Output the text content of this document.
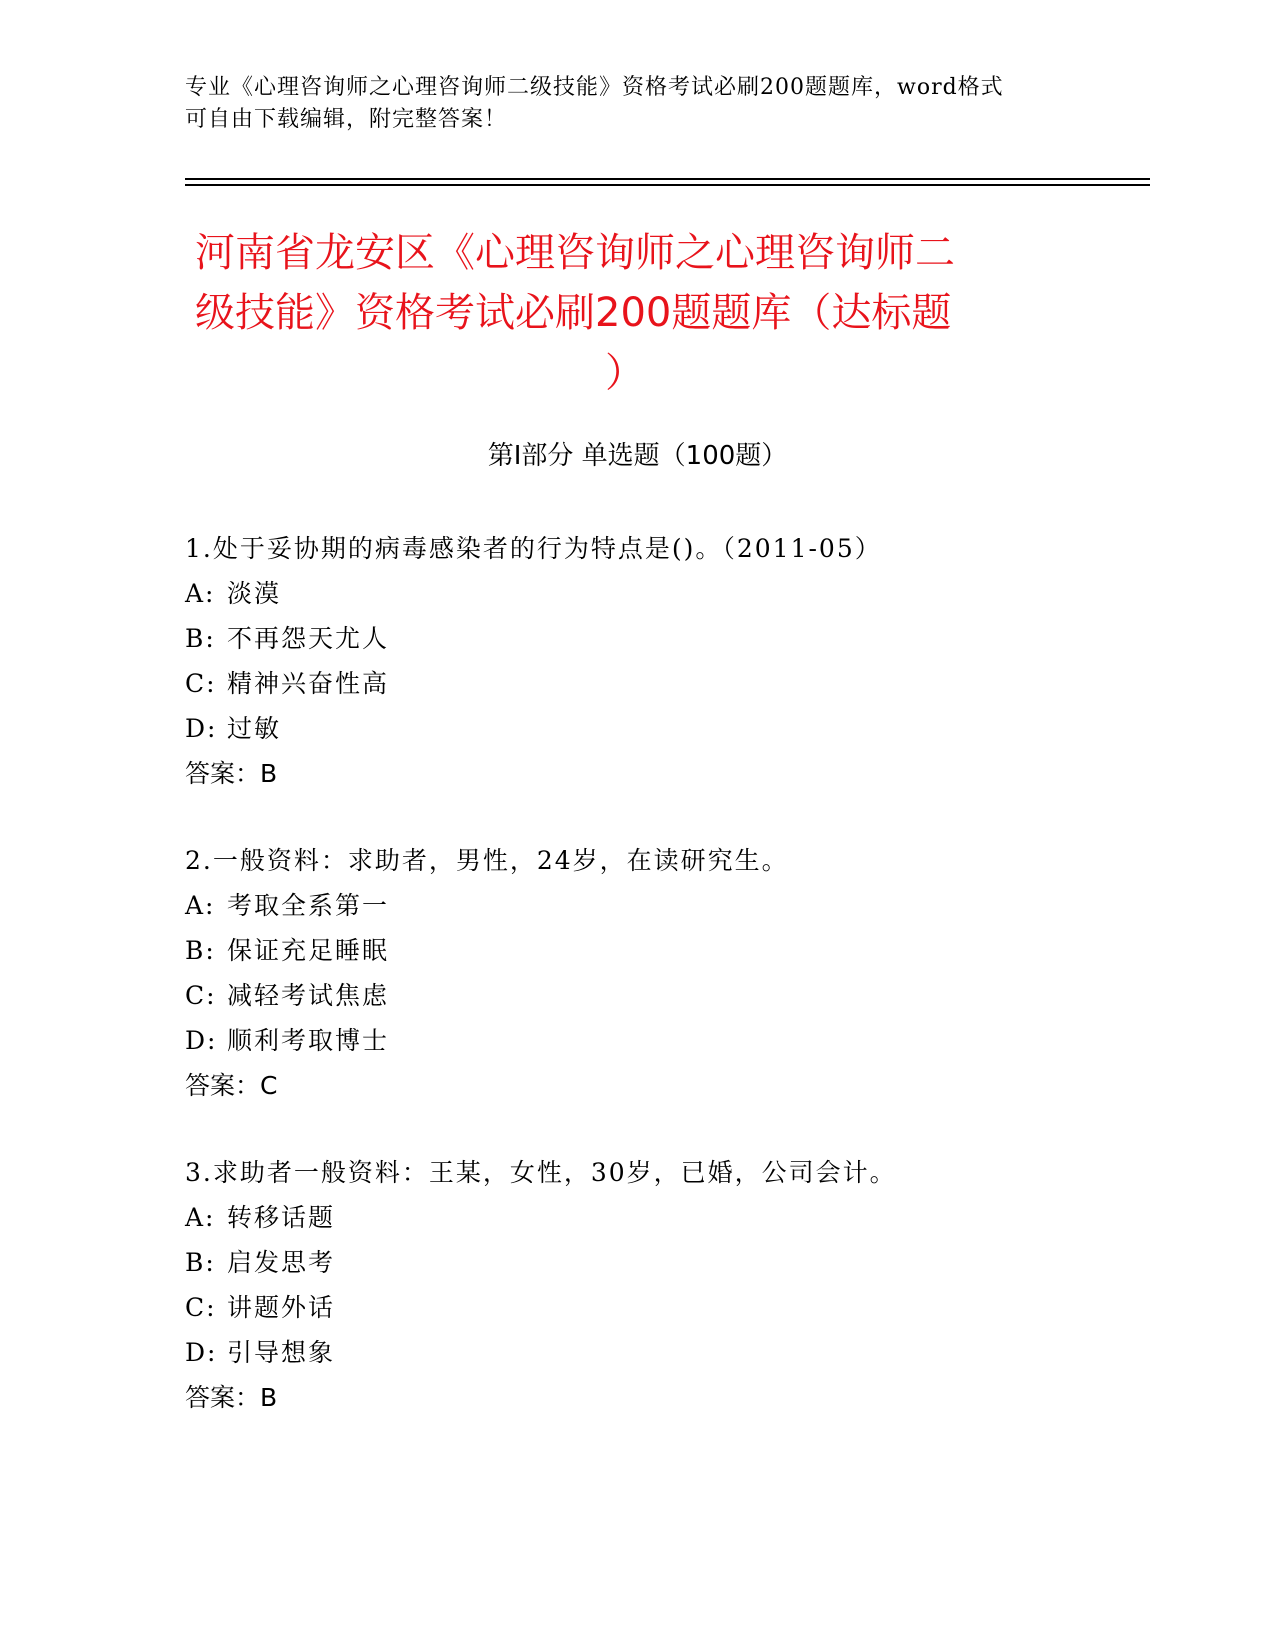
专业《心理咨询师之心理咨询师二级技能》资格考试必刷200题题库，word格式
可自由下载编辑，附完整答案！
河南省龙安区《心理咨询师之心理咨询师二
级技能》资格考试必刷200题题库（达标题
）
第I部分 单选题（100题）
1.处于妥协期的病毒感染者的行为特点是()。（2011-05）
A: 淡漠
B: 不再怨天尤人
C: 精神兴奋性高
D: 过敏
答案：B
2.一般资料：求助者，男性，24岁，在读研究生。
A: 考取全系第一
B: 保证充足睡眠
C: 减轻考试焦虑
D: 顺利考取博士
答案：C
3.求助者一般资料：王某，女性，30岁，已婚，公司会计。
A: 转移话题
B: 启发思考
C: 讲题外话
D: 引导想象
答案：B
